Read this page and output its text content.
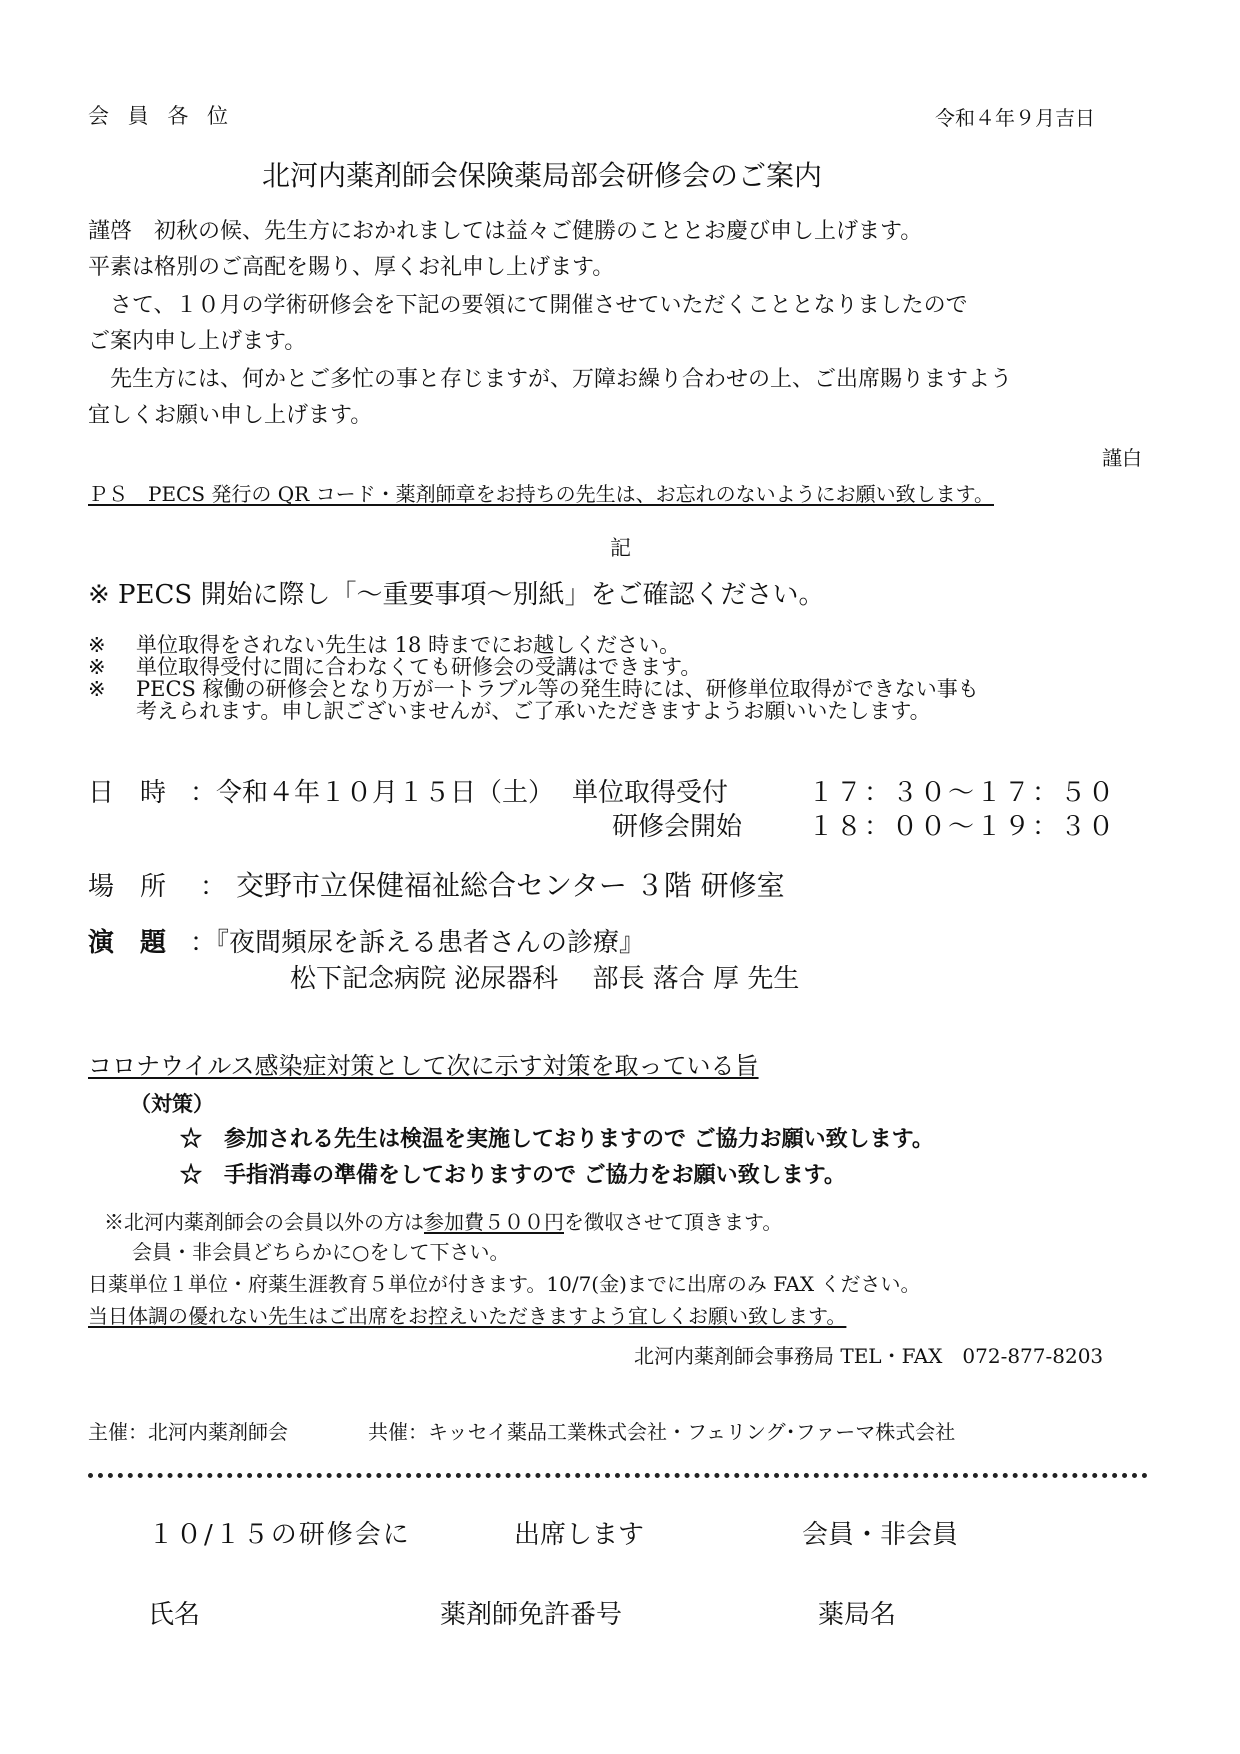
会 員 各 位	令和４年９月吉日
北河内薬剤師会保険薬局部会研修会のご案内
謹啓　初秋の候、先生方におかれましては益々ご健勝のこととお慶び申し上げます。
平素は格別のご高配を賜り、厚くお礼申し上げます。
　さて、１０月の学術研修会を下記の要領にて開催させていただくこととなりましたので
ご案内申し上げます。
　先生方には、何かとご多忙の事と存じますが、万障お繰り合わせの上、ご出席賜りますよう
宜しくお願い申し上げます。
謹白
ＰＳ　PECS 発行の QR コード・薬剤師章をお持ちの先生は、お忘れのないようにお願い致します。
記
※ PECS 開始に際し「～重要事項～別紙」をご確認ください。
※	単位取得をされない先生は 18 時までにお越しください。
※	単位取得受付に間に合わなくても研修会の受講はできます。
※	PECS 稼働の研修会となり万が一トラブル等の発生時には、研修単位取得ができない事も
考えられます。申し訳ございませんが、ご了承いただきますようお願いいたします。
日　時 ：令和４年１０月１５日（土） 単位取得受付	１７：３０～１７：５０
研修会開始	１８：００～１９：３０
場　所 ： 交野市立保健福祉総合センター ３階 研修室
演　題 ：『夜間頻尿を訴える患者さんの診療』
松下記念病院 泌尿器科　 部長 落合 厚 先生
コロナウイルス感染症対策として次に示す対策を取っている旨
（対策）
☆　参加される先生は検温を実施しておりますので ご協力お願い致します。
☆　手指消毒の準備をしておりますので ご協力をお願い致します。
※北河内薬剤師会の会員以外の方は参加費５００円を徴収させて頂きます。
会員・非会員どちらかに○をして下さい。
日薬単位１単位・府薬生涯教育５単位が付きます。10/7(金)までに出席のみ FAX ください。
当日体調の優れない先生はご出席をお控えいただきますよう宜しくお願い致します。
北河内薬剤師会事務局 TEL・FAX　072-877-8203
主催：北河内薬剤師会	共催：キッセイ薬品工業株式会社・フェリング･ファーマ株式会社
１０/１５の研修会に	出席します	会員・非会員
氏名	薬剤師免許番号	薬局名
